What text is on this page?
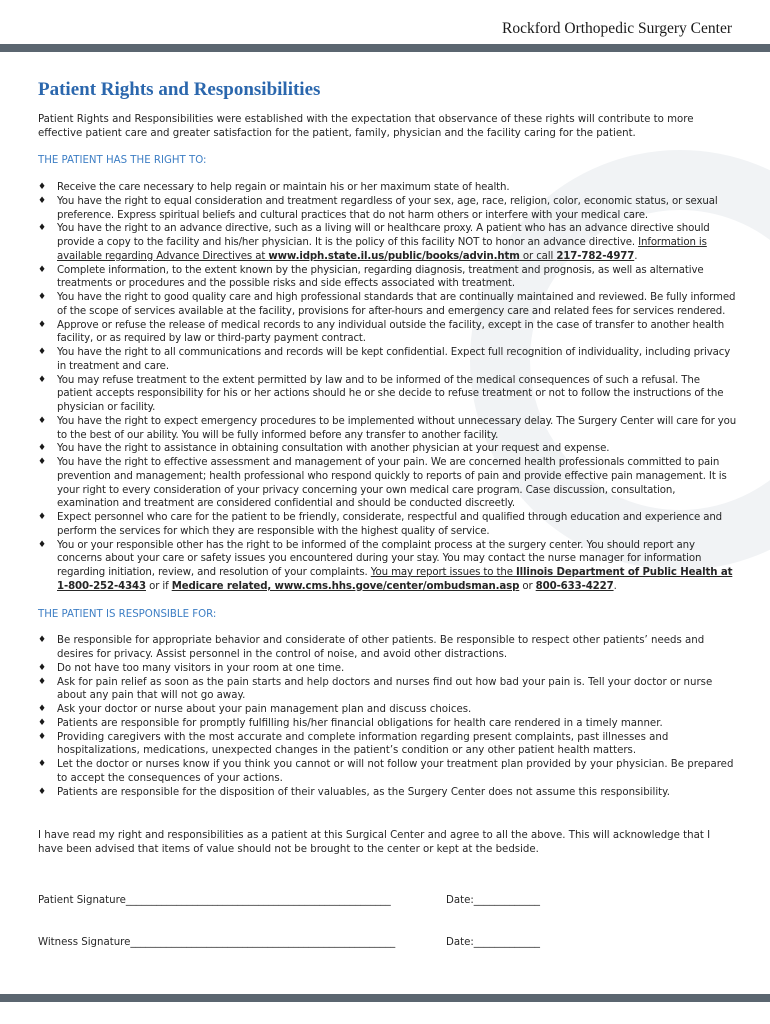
Rockford Orthopedic Surgery Center
Patient Rights and Responsibilities

Patient Rights and Responsibilities were established with the expectation that observance of these rights will contribute to more effective patient care and greater satisfaction for the patient, family, physician and the facility caring for the patient.

THE PATIENT HAS THE RIGHT TO:
♦ Receive the care necessary to help regain or maintain his or her maximum state of health.
♦ You have the right to equal consideration and treatment regardless of your sex, age, race, religion, color, economic status, or sexual preference. Express spiritual beliefs and cultural practices that do not harm others or interfere with your medical care.
♦ You have the right to an advance directive, such as a living will or healthcare proxy. A patient who has an advance directive should provide a copy to the facility and his/her physician. It is the policy of this facility NOT to honor an advance directive. Information is available regarding Advance Directives at www.idph.state.il.us/public/books/advin.htm or call 217-782-4977.
♦ Complete information, to the extent known by the physician, regarding diagnosis, treatment and prognosis, as well as alternative treatments or procedures and the possible risks and side effects associated with treatment.
♦ You have the right to good quality care and high professional standards that are continually maintained and reviewed. Be fully informed of the scope of services available at the facility, provisions for after-hours and emergency care and related fees for services rendered.
♦ Approve or refuse the release of medical records to any individual outside the facility, except in the case of transfer to another health facility, or as required by law or third-party payment contract.
♦ You have the right to all communications and records will be kept confidential. Expect full recognition of individuality, including privacy in treatment and care.
♦ You may refuse treatment to the extent permitted by law and to be informed of the medical consequences of such a refusal. The patient accepts responsibility for his or her actions should he or she decide to refuse treatment or not to follow the instructions of the physician or facility.
♦ You have the right to expect emergency procedures to be implemented without unnecessary delay. The Surgery Center will care for you to the best of our ability. You will be fully informed before any transfer to another facility.
♦ You have the right to assistance in obtaining consultation with another physician at your request and expense.
♦ You have the right to effective assessment and management of your pain. We are concerned health professionals committed to pain prevention and management; health professional who respond quickly to reports of pain and provide effective pain management. It is your right to every consideration of your privacy concerning your own medical care program. Case discussion, consultation, examination and treatment are considered confidential and should be conducted discreetly.
♦ Expect personnel who care for the patient to be friendly, considerate, respectful and qualified through education and experience and perform the services for which they are responsible with the highest quality of service.
♦ You or your responsible other has the right to be informed of the complaint process at the surgery center. You should report any concerns about your care or safety issues you encountered during your stay. You may contact the nurse manager for information regarding initiation, review, and resolution of your complaints. You may report issues to the Illinois Department of Public Health at 1-800-252-4343 or if Medicare related, www.cms.hhs.gove/center/ombudsman.asp or 800-633-4227.
THE PATIENT IS RESPONSIBLE FOR:
♦ Be responsible for appropriate behavior and considerate of other patients. Be responsible to respect other patients’ needs and desires for privacy. Assist personnel in the control of noise, and avoid other distractions.
♦ Do not have too many visitors in your room at one time.
♦ Ask for pain relief as soon as the pain starts and help doctors and nurses find out how bad your pain is. Tell your doctor or nurse about any pain that will not go away.
♦ Ask your doctor or nurse about your pain management plan and discuss choices.
♦ Patients are responsible for promptly fulfilling his/her financial obligations for health care rendered in a timely manner.
♦ Providing caregivers with the most accurate and complete information regarding present complaints, past illnesses and hospitalizations, medications, unexpected changes in the patient’s condition or any other patient health matters.
♦ Let the doctor or nurses know if you think you cannot or will not follow your treatment plan provided by your physician. Be prepared to accept the consequences of your actions.
♦ Patients are responsible for the disposition of their valuables, as the Surgery Center does not assume this responsibility.

I have read my right and responsibilities as a patient at this Surgical Center and agree to all the above. This will acknowledge that I have been advised that items of value should not be brought to the center or kept at the bedside.

Patient Signature____________________________________________________	Date:_____________
Witness Signature____________________________________________________	Date:_____________
